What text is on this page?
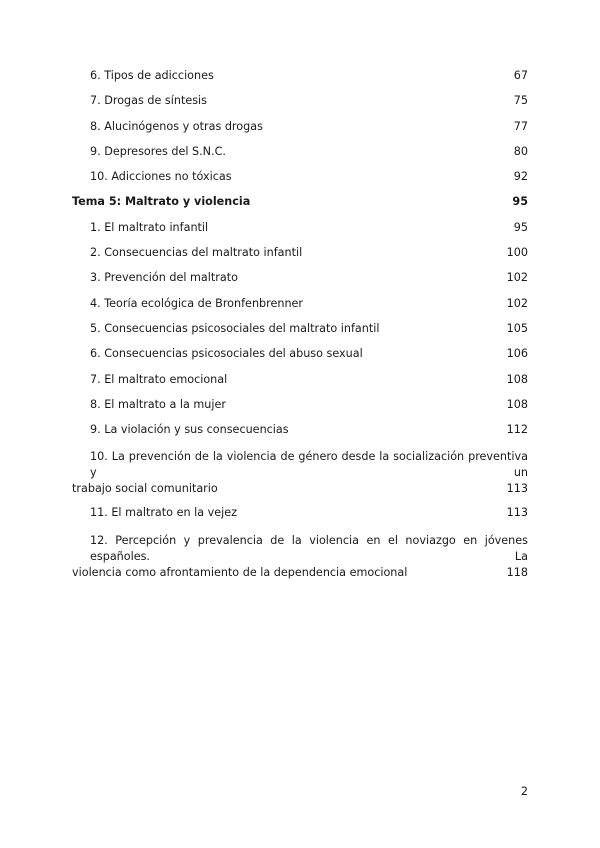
6. Tipos de adicciones	67
7. Drogas de síntesis	75
8. Alucinógenos y otras drogas	77
9. Depresores del S.N.C.	80
10. Adicciones no tóxicas	92
Tema 5: Maltrato y violencia	95
1. El maltrato infantil	95
2. Consecuencias del maltrato infantil	100
3. Prevención del maltrato	102
4. Teoría ecológica de Bronfenbrenner	102
5. Consecuencias psicosociales del maltrato infantil	105
6. Consecuencias psicosociales del abuso sexual	106
7. El maltrato emocional	108
8. El maltrato a la mujer	108
9. La violación y sus consecuencias	112
10. La prevención de la violencia de género desde la socialización preventiva y un
trabajo social comunitario	113
11. El maltrato en la vejez	113
12. Percepción y prevalencia de la violencia en el noviazgo en jóvenes españoles. La
violencia como afrontamiento de la dependencia emocional	118
2
